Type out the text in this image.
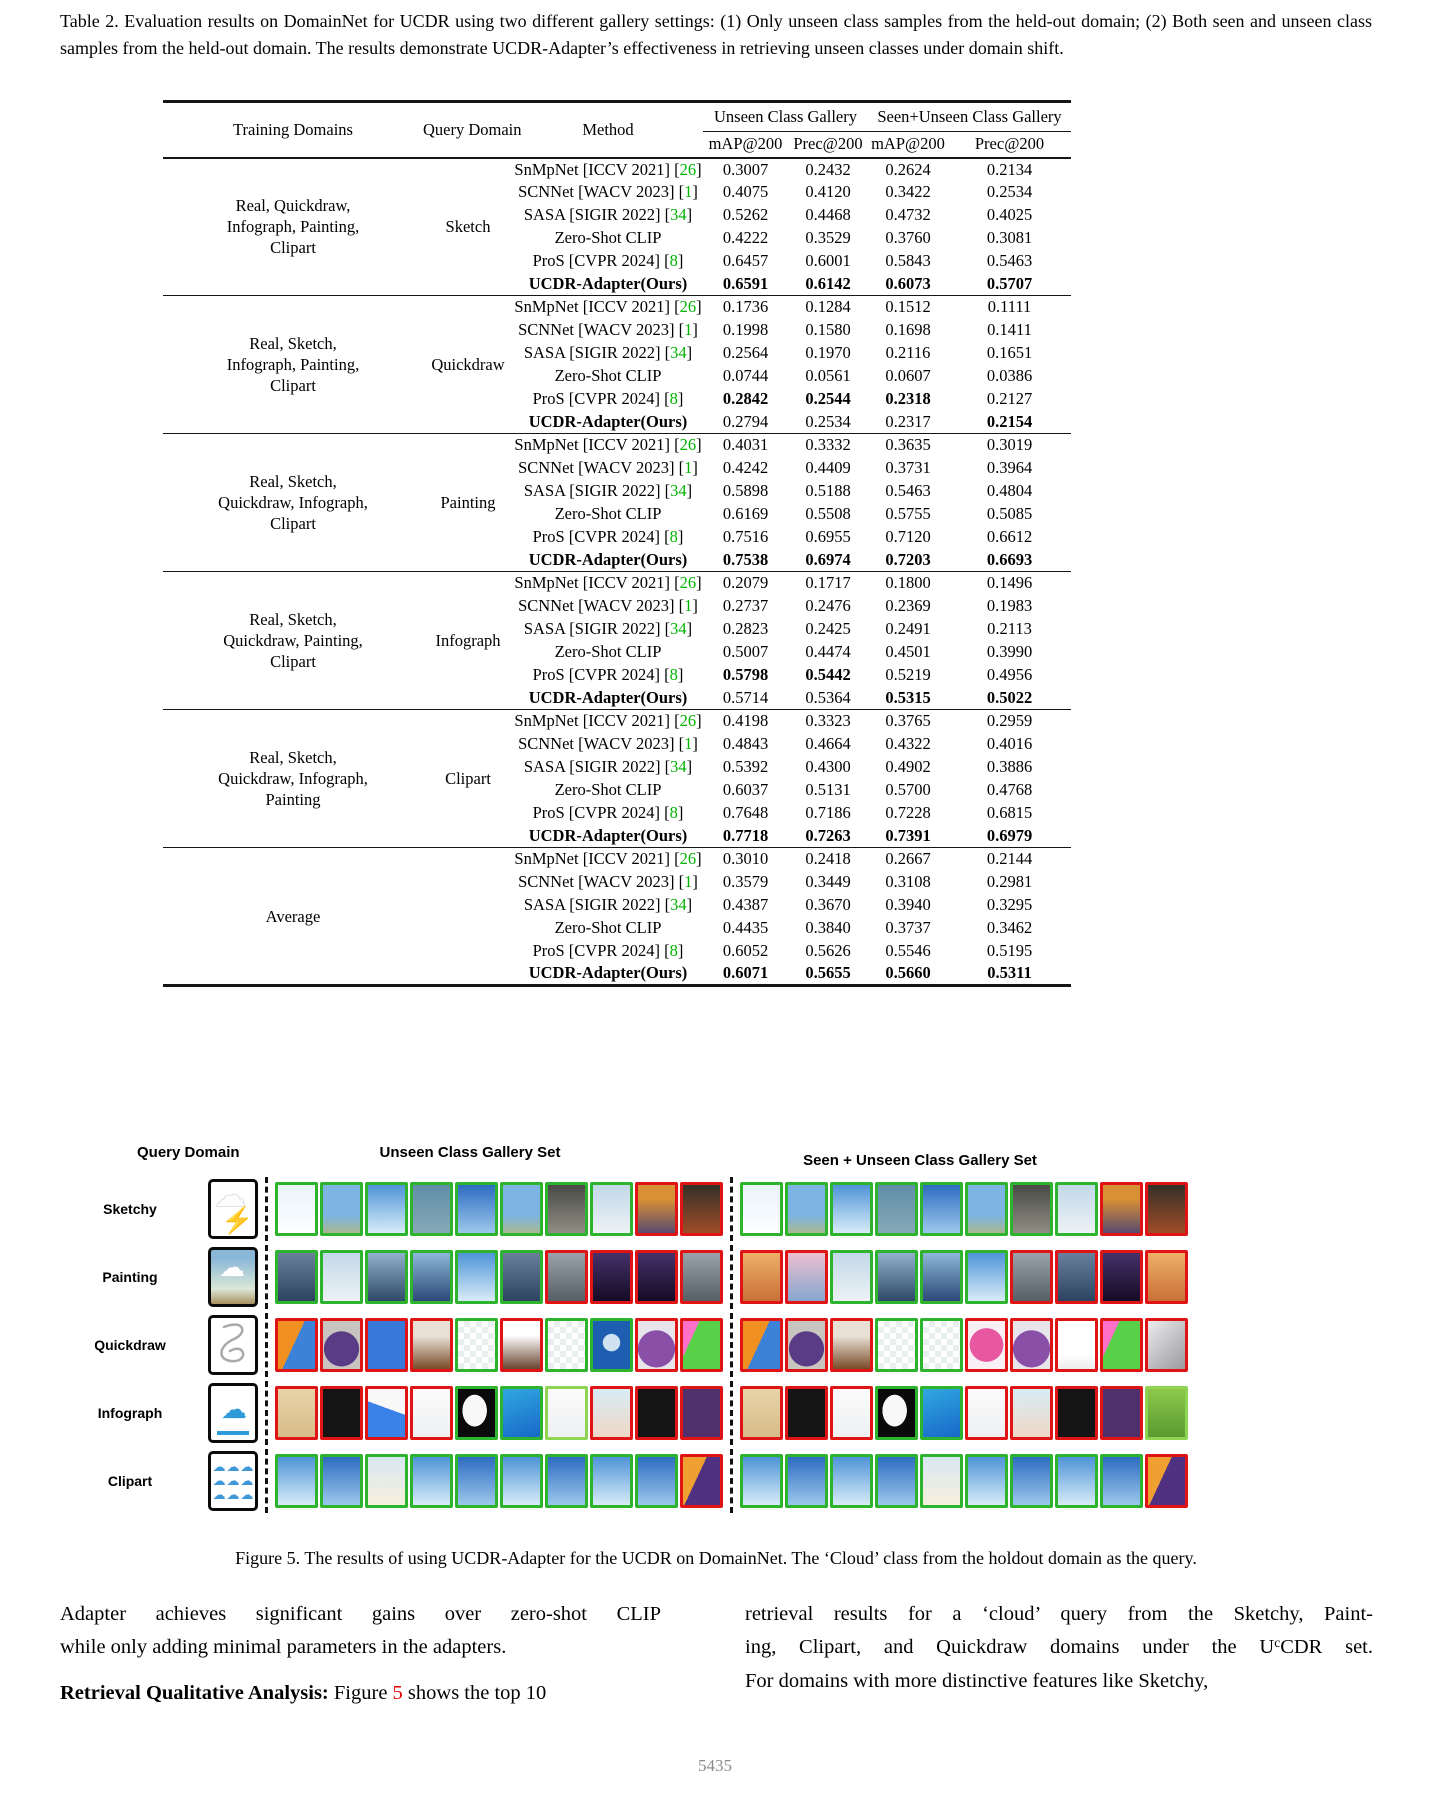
Table 2. Evaluation results on DomainNet for UCDR using two different gallery settings: (1) Only unseen class samples from the held-out domain; (2) Both seen and unseen class samples from the held-out domain. The results demonstrate UCDR-Adapter’s effectiveness in retrieving unseen classes under domain shift.

Training Domains	Query Domain	Method	Unseen Class Gallery		Seen+Unseen Class Gallery	
			mAP@200	Prec@200	mAP@200	Prec@200
Real, Quickdraw,
Infograph, Painting,
Clipart	Sketch	SnMpNet [ICCV 2021] [26]	0.3007	0.2432	0.2624	0.2134
		SCNNet [WACV 2023] [1]	0.4075	0.4120	0.3422	0.2534
		SASA [SIGIR 2022] [34]	0.5262	0.4468	0.4732	0.4025
		Zero-Shot CLIP	0.4222	0.3529	0.3760	0.3081
		ProS [CVPR 2024] [8]	0.6457	0.6001	0.5843	0.5463
		UCDR-Adapter(Ours)	0.6591	0.6142	0.6073	0.5707
Real, Sketch,
Infograph, Painting,
Clipart	Quickdraw	SnMpNet [ICCV 2021] [26]	0.1736	0.1284	0.1512	0.1111
		SCNNet [WACV 2023] [1]	0.1998	0.1580	0.1698	0.1411
		SASA [SIGIR 2022] [34]	0.2564	0.1970	0.2116	0.1651
		Zero-Shot CLIP	0.0744	0.0561	0.0607	0.0386
		ProS [CVPR 2024] [8]	0.2842	0.2544	0.2318	0.2127
		UCDR-Adapter(Ours)	0.2794	0.2534	0.2317	0.2154
Real, Sketch,
Quickdraw, Infograph,
Clipart	Painting	SnMpNet [ICCV 2021] [26]	0.4031	0.3332	0.3635	0.3019
		SCNNet [WACV 2023] [1]	0.4242	0.4409	0.3731	0.3964
		SASA [SIGIR 2022] [34]	0.5898	0.5188	0.5463	0.4804
		Zero-Shot CLIP	0.6169	0.5508	0.5755	0.5085
		ProS [CVPR 2024] [8]	0.7516	0.6955	0.7120	0.6612
		UCDR-Adapter(Ours)	0.7538	0.6974	0.7203	0.6693
Real, Sketch,
Quickdraw, Painting,
Clipart	Infograph	SnMpNet [ICCV 2021] [26]	0.2079	0.1717	0.1800	0.1496
		SCNNet [WACV 2023] [1]	0.2737	0.2476	0.2369	0.1983
		SASA [SIGIR 2022] [34]	0.2823	0.2425	0.2491	0.2113
		Zero-Shot CLIP	0.5007	0.4474	0.4501	0.3990
		ProS [CVPR 2024] [8]	0.5798	0.5442	0.5219	0.4956
		UCDR-Adapter(Ours)	0.5714	0.5364	0.5315	0.5022
Real, Sketch,
Quickdraw, Infograph,
Painting	Clipart	SnMpNet [ICCV 2021] [26]	0.4198	0.3323	0.3765	0.2959
		SCNNet [WACV 2023] [1]	0.4843	0.4664	0.4322	0.4016
		SASA [SIGIR 2022] [34]	0.5392	0.4300	0.4902	0.3886
		Zero-Shot CLIP	0.6037	0.5131	0.5700	0.4768
		ProS [CVPR 2024] [8]	0.7648	0.7186	0.7228	0.6815
		UCDR-Adapter(Ours)	0.7718	0.7263	0.7391	0.6979
Average		SnMpNet [ICCV 2021] [26]	0.3010	0.2418	0.2667	0.2144
		SCNNet [WACV 2023] [1]	0.3579	0.3449	0.3108	0.2981
		SASA [SIGIR 2022] [34]	0.4387	0.3670	0.3940	0.3295
		Zero-Shot CLIP	0.4435	0.3840	0.3737	0.3462
		ProS [CVPR 2024] [8]	0.6052	0.5626	0.5546	0.5195
		UCDR-Adapter(Ours)	0.6071	0.5655	0.5660	0.5311
Query Domain	Unseen Class Gallery Set	Seen + Unseen Class Gallery Set
Sketchy	☁
⚡
Painting	☁
Quickdraw
Infograph	☁
Clipart
☁ ☁ ☁
☁ ☁ ☁
☁ ☁ ☁

Figure 5. The results of using UCDR-Adapter for the UCDR on DomainNet. The ‘Cloud’ class from the holdout domain as the query.

Adapter achieves significant gains over zero-shot CLIP
while only adding minimal parameters in the adapters.

Retrieval Qualitative Analysis: Figure 5 shows the top 10

retrieval results for a ‘cloud’ query from the Sketchy, Paint-
ing, Clipart, and Quickdraw domains under the $U^cCDR$ set.
For domains with more distinctive features like Sketchy,
5435
